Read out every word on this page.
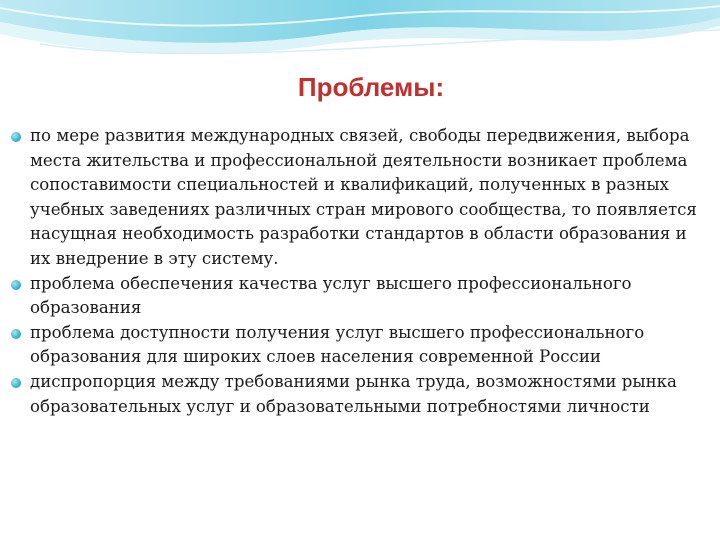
Проблемы:
по мере развития международных связей, свободы передвижения, выбора места жительства и профессиональной деятельности возникает проблема сопоставимости специальностей и квалификаций, полученных в разных учебных заведениях различных стран мирового сообщества, то появляется насущная необходимость разработки стандартов в области образования и их внедрение в эту систему.
проблема обеспечения качества услуг высшего профессионального образования
проблема доступности получения услуг высшего профессионального образования для широких слоев населения современной России
диспропорция между требованиями рынка труда, возможностями рынка образовательных услуг и образовательными потребностями личности
